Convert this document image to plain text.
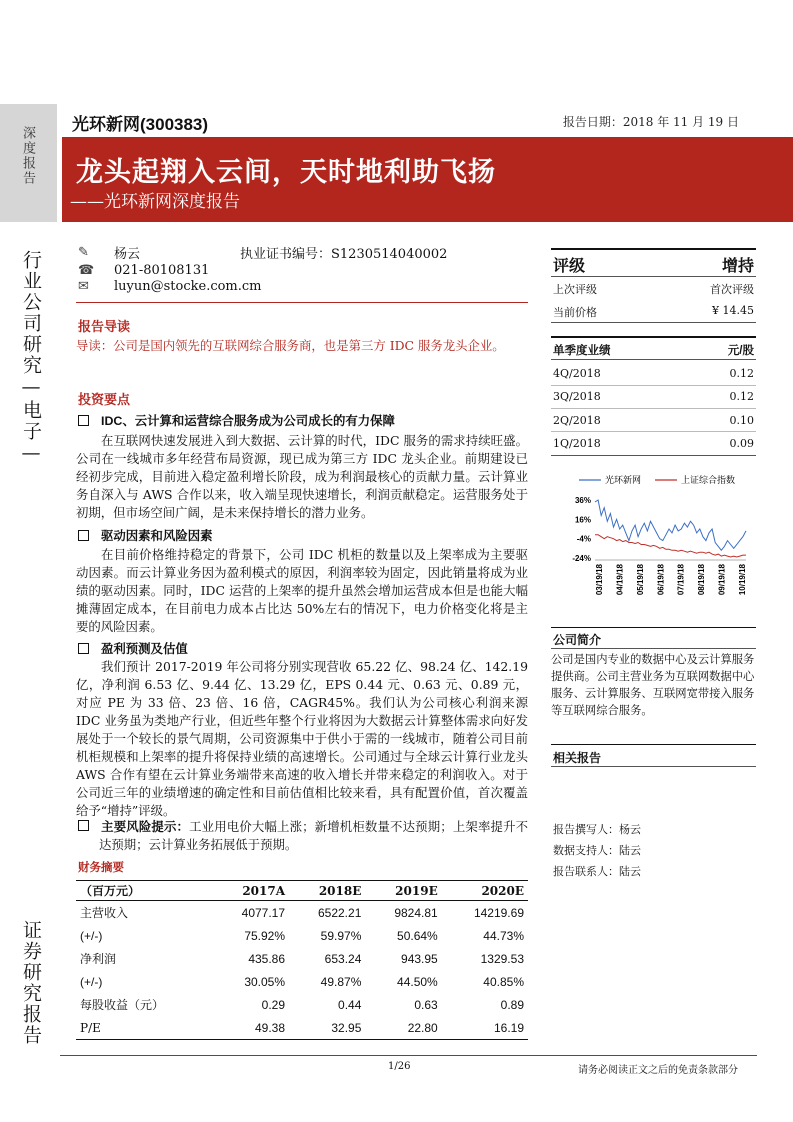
深度报告
光环新网(300383)	报告日期：2018 年 11 月 19 日
龙头起翔入云间，天时地利助飞扬
——光环新网深度报告
行业公司研究—电子—
证券研究报告
✎	杨云	执业证书编号：S1230514040002
☎ 021-80108131
✉	luyun@stocke.com.cm
报告导读
导读：公司是国内领先的互联网综合服务商，也是第三方 IDC 服务龙头企业。
投资要点
IDC、云计算和运营综合服务成为公司成长的有力保障
在互联网快速发展进入到大数据、云计算的时代，IDC 服务的需求持续旺盛。公司在一线城市多年经营布局资源，现已成为第三方 IDC 龙头企业。前期建设已经初步完成，目前进入稳定盈利增长阶段，成为利润最核心的贡献力量。云计算业务自深入与 AWS 合作以来，收入端呈现快速增长，利润贡献稳定。运营服务处于初期，但市场空间广阔，是未来保持增长的潜力业务。
驱动因素和风险因素
在目前价格维持稳定的背景下，公司 IDC 机柜的数量以及上架率成为主要驱动因素。而云计算业务因为盈利模式的原因，利润率较为固定，因此销量将成为业绩的驱动因素。同时，IDC 运营的上架率的提升虽然会增加运营成本但是也能大幅摊薄固定成本，在目前电力成本占比达 50%左右的情况下，电力价格变化将是主要的风险因素。
盈利预测及估值
我们预计 2017-2019 年公司将分别实现营收 65.22 亿、98.24 亿、142.19 亿，净利润 6.53 亿、9.44 亿、13.29 亿，EPS 0.44 元、0.63 元、0.89 元，对应 PE 为 33 倍、23 倍、16 倍，CAGR45%。我们认为公司核心利润来源 IDC 业务虽为类地产行业，但近些年整个行业将因为大数据云计算整体需求向好发展处于一个较长的景气周期，公司资源集中于供小于需的一线城市，随着公司目前机柜规模和上架率的提升将保持业绩的高速增长。公司通过与全球云计算行业龙头 AWS 合作有望在云计算业务端带来高速的收入增长并带来稳定的利润收入。对于公司近三年的业绩增速的确定性和目前估值相比较来看，具有配置价值，首次覆盖给予“增持”评级。
主要风险提示：工业用电价大幅上涨；新增机柜数量不达预期；上架率提升不达预期；云计算业务拓展低于预期。
财务摘要
（百万元）	2017A	2018E	2019E	2020E
主营收入	4077.17	6522.21	9824.81	14219.69
(+/-)	75.92%	59.97%	50.64%	44.73%
净利润	435.86	653.24	943.95	1329.53
(+/-)	30.05%	49.87%	44.50%	40.85%
每股收益（元）	0.29	0.44	0.63	0.89
P/E	49.38	32.95	22.80	16.19
评级	增持
上次评级	首次评级
当前价格	¥ 14.45
单季度业绩	元/股
4Q/2018	0.12
3Q/2018	0.12
2Q/2018	0.10
1Q/2018	0.09
光环新网	上证综合指数
36%
16%
-4%
-24%
03/19/18 04/19/18 05/19/18 06/19/18 07/19/18 08/19/18 09/19/18 10/19/18
公司简介
公司是国内专业的数据中心及云计算服务提供商。公司主营业务为互联网数据中心服务、云计算服务、互联网宽带接入服务等互联网综合服务。
相关报告
报告撰写人：杨云
数据支持人：陆云
报告联系人：陆云
1/26	请务必阅读正文之后的免责条款部分
